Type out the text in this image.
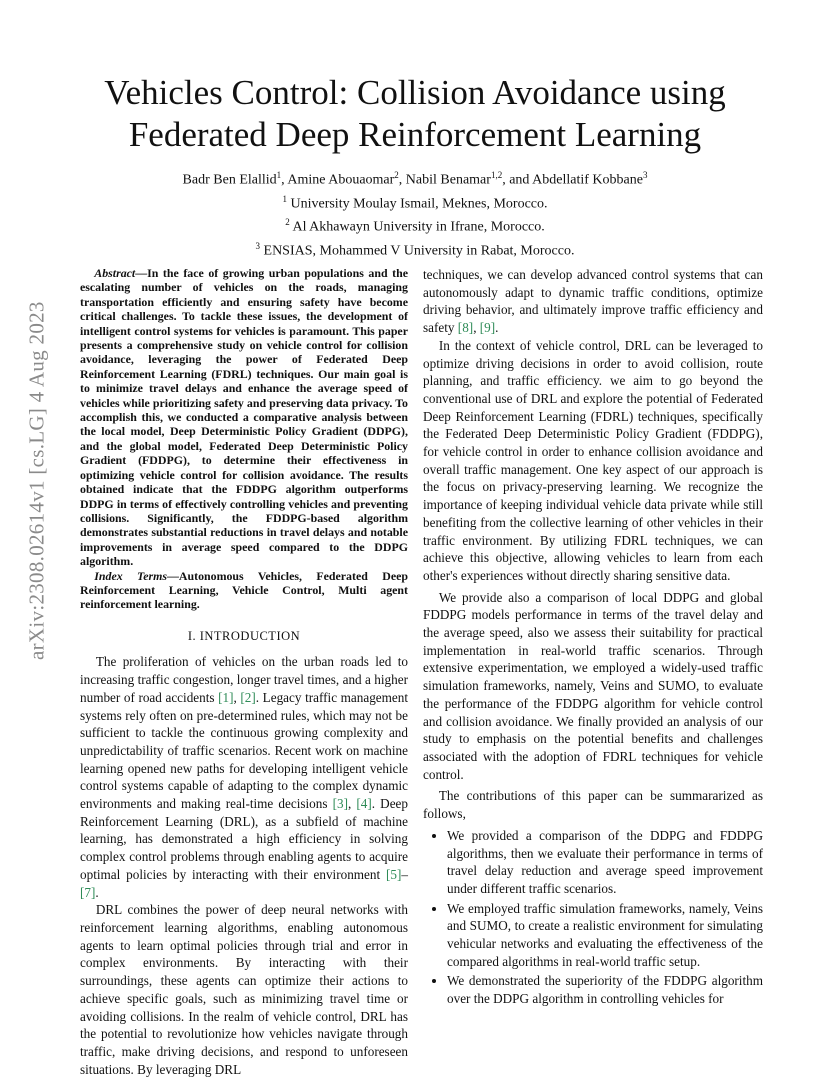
arXiv:2308.02614v1 [cs.LG] 4 Aug 2023
Vehicles Control: Collision Avoidance using
Federated Deep Reinforcement Learning
Badr Ben Elallid$^1$, Amine Abouaomar$^2$, Nabil Benamar$^{1,2}$, and Abdellatif Kobbane$^3$
$^1$ University Moulay Ismail, Meknes, Morocco.
$^2$ Al Akhawayn University in Ifrane, Morocco.
$^3$ ENSIAS, Mohammed V University in Rabat, Morocco.

Abstract—In the face of growing urban populations and the escalating number of vehicles on the roads, managing transportation efficiently and ensuring safety have become critical challenges. To tackle these issues, the development of intelligent control systems for vehicles is paramount. This paper presents a comprehensive study on vehicle control for collision avoidance, leveraging the power of Federated Deep Reinforcement Learning (FDRL) techniques. Our main goal is to minimize travel delays and enhance the average speed of vehicles while prioritizing safety and preserving data privacy. To accomplish this, we conducted a comparative analysis between the local model, Deep Deterministic Policy Gradient (DDPG), and the global model, Federated Deep Deterministic Policy Gradient (FDDPG), to determine their effectiveness in optimizing vehicle control for collision avoidance. The results obtained indicate that the FDDPG algorithm outperforms DDPG in terms of effectively controlling vehicles and preventing collisions. Significantly, the FDDPG-based algorithm demonstrates substantial reductions in travel delays and notable improvements in average speed compared to the DDPG algorithm.

Index Terms—Autonomous Vehicles, Federated Deep Reinforcement Learning, Vehicle Control, Multi agent reinforcement learning.

I. INTRODUCTION

The proliferation of vehicles on the urban roads led to increasing traffic congestion, longer travel times, and a higher number of road accidents [1], [2]. Legacy traffic management systems rely often on pre-determined rules, which may not be sufficient to tackle the continuous growing complexity and unpredictability of traffic scenarios. Recent work on machine learning opened new paths for developing intelligent vehicle control systems capable of adapting to the complex dynamic environments and making real-time decisions [3], [4]. Deep Reinforcement Learning (DRL), as a subfield of machine learning, has demonstrated a high efficiency in solving complex control problems through enabling agents to acquire optimal policies by interacting with their environment [5]–[7].

DRL combines the power of deep neural networks with reinforcement learning algorithms, enabling autonomous agents to learn optimal policies through trial and error in complex environments. By interacting with their surroundings, these agents can optimize their actions to achieve specific goals, such as minimizing travel time or avoiding collisions. In the realm of vehicle control, DRL has the potential to revolutionize how vehicles navigate through traffic, make driving decisions, and respond to unforeseen situations. By leveraging DRL

techniques, we can develop advanced control systems that can autonomously adapt to dynamic traffic conditions, optimize driving behavior, and ultimately improve traffic efficiency and safety [8], [9].

In the context of vehicle control, DRL can be leveraged to optimize driving decisions in order to avoid collision, route planning, and traffic efficiency. we aim to go beyond the conventional use of DRL and explore the potential of Federated Deep Reinforcement Learning (FDRL) techniques, specifically the Federated Deep Deterministic Policy Gradient (FDDPG), for vehicle control in order to enhance collision avoidance and overall traffic management. One key aspect of our approach is the focus on privacy-preserving learning. We recognize the importance of keeping individual vehicle data private while still benefiting from the collective learning of other vehicles in their traffic environment. By utilizing FDRL techniques, we can achieve this objective, allowing vehicles to learn from each other's experiences without directly sharing sensitive data.

We provide also a comparison of local DDPG and global FDDPG models performance in terms of the travel delay and the average speed, also we assess their suitability for practical implementation in real-world traffic scenarios. Through extensive experimentation, we employed a widely-used traffic simulation frameworks, namely, Veins and SUMO, to evaluate the performance of the FDDPG algorithm for vehicle control and collision avoidance. We finally provided an analysis of our study to emphasis on the potential benefits and challenges associated with the adoption of FDRL techniques for vehicle control.

The contributions of this paper can be summararized as follows,

• We provided a comparison of the DDPG and FDDPG algorithms, then we evaluate their performance in terms of travel delay reduction and average speed improvement under different traffic scenarios.
• We employed traffic simulation frameworks, namely, Veins and SUMO, to create a realistic environment for simulating vehicular networks and evaluating the effectiveness of the compared algorithms in real-world traffic setup.
• We demonstrated the superiority of the FDDPG algorithm over the DDPG algorithm in controlling vehicles for
